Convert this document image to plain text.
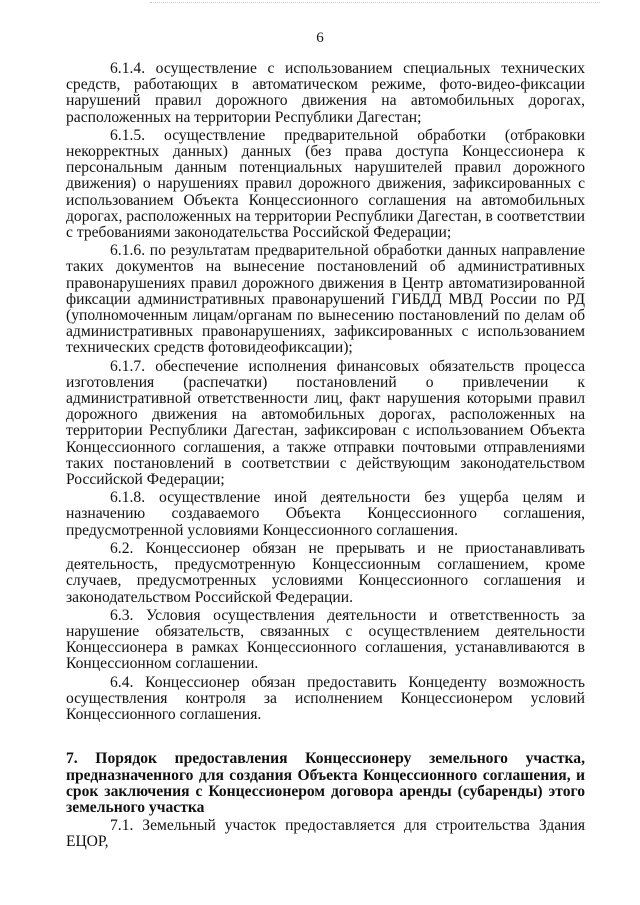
6

6.1.4. осуществление с использованием специальных технических средств, работающих в автоматическом режиме, фото-видео-фиксации нарушений правил дорожного движения на автомобильных дорогах, расположенных на территории Республики Дагестан;

6.1.5. осуществление предварительной обработки (отбраковки некорректных данных) данных (без права доступа Концессионера к персональным данным потенциальных нарушителей правил дорожного движения) о нарушениях правил дорожного движения, зафиксированных с использованием Объекта Концессионного соглашения на автомобильных дорогах, расположенных на территории Республики Дагестан, в соответствии с требованиями законодательства Российской Федерации;

6.1.6. по результатам предварительной обработки данных направление таких документов на вынесение постановлений об административных правонарушениях правил дорожного движения в Центр автоматизированной фиксации административных правонарушений ГИБДД МВД России по РД (уполномоченным лицам/органам по вынесению постановлений по делам об административных правонарушениях, зафиксированных с использованием технических средств фотовидеофиксации);

6.1.7. обеспечение исполнения финансовых обязательств процесса изготовления (распечатки) постановлений о привлечении к административной ответственности лиц, факт нарушения которыми правил дорожного движения на автомобильных дорогах, расположенных на территории Республики Дагестан, зафиксирован с использованием Объекта Концессионного соглашения, а также отправки почтовыми отправлениями таких постановлений в соответствии с действующим законодательством Российской Федерации;

6.1.8. осуществление иной деятельности без ущерба целям и назначению создаваемого Объекта Концессионного соглашения, предусмотренной условиями Концессионного соглашения.

6.2. Концессионер обязан не прерывать и не приостанавливать деятельность, предусмотренную Концессионным соглашением, кроме случаев, предусмотренных условиями Концессионного соглашения и законодательством Российской Федерации.

6.3. Условия осуществления деятельности и ответственность за нарушение обязательств, связанных с осуществлением деятельности Концессионера в рамках Концессионного соглашения, устанавливаются в Концессионном соглашении.

6.4. Концессионер обязан предоставить Концеденту возможность осуществления контроля за исполнением Концессионером условий Концессионного соглашения.

7. Порядок предоставления Концессионеру земельного участка, предназначенного для создания Объекта Концессионного соглашения, и срок заключения с Концессионером договора аренды (субаренды) этого земельного участка

7.1. Земельный участок предоставляется для строительства Здания ЕЦОР,
